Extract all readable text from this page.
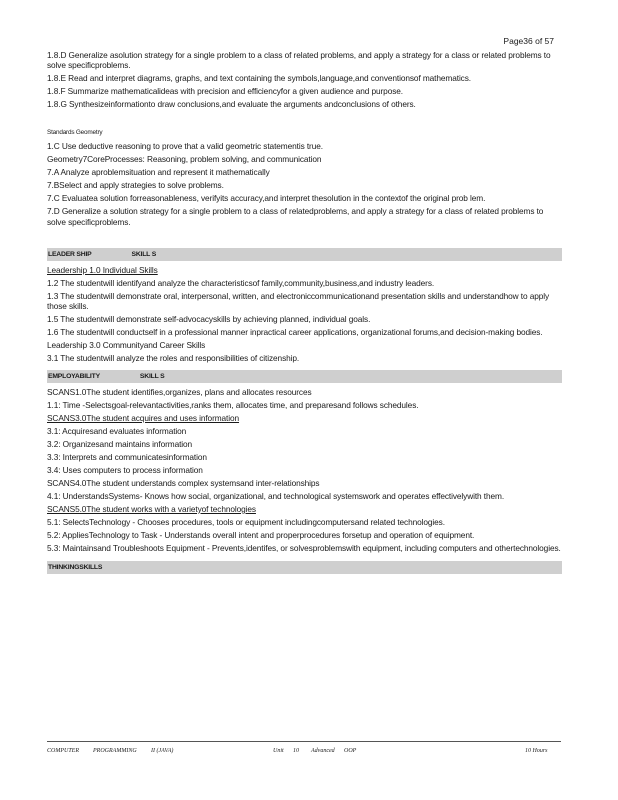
Page36 of 57

1.8.D Generalize asolution strategy for a single problem to a class of related problems, and apply a strategy for a class or related problems to solve specificproblems.

1.8.E Read and interpret diagrams, graphs, and text containing the symbols,language,and conventionsof mathematics.

1.8.F Summarize mathematicalideas with precision and efficiencyfor a given audience and purpose.

1.8.G Synthesizeinformationto draw conclusions,and evaluate the arguments andconclusions of others.

Standards Geometry

1.C Use deductive reasoning to prove that a valid geometric statementis true.

Geometry7CoreProcesses: Reasoning, problem solving, and communication

7.A Analyze aproblemsituation and represent it mathematically

7.BSelect and apply strategies to solve problems.

7.C Evaluatea solution forreasonableness, verifyits accuracy,and interpret thesolution in the contextof the original prob lem.

7.D Generalize a solution strategy for a single problem to a class of relatedproblems, and apply a strategy for a class of related problems to solve specificproblems.

LEADER SHIP	SKILL S

Leadership 1.0 Individual Skills

1.2 The studentwill identifyand analyze the characteristicsof family,community,business,and industry leaders.

1.3 The studentwill demonstrate oral, interpersonal, written, and electroniccommunicationand presentation skills and understandhow to apply those skills.

1.5 The studentwill demonstrate self-advocacyskills by achieving planned, individual goals.

1.6 The studentwill conductself in a professional manner inpractical career applications, organizational forums,and decision-making bodies.

Leadership 3.0 Communityand Career Skills

3.1 The studentwill analyze the roles and responsibilities of citizenship.

EMPLOYABILITY	SKILL S

SCANS1.0The student identifies,organizes, plans and allocates resources

1.1: Time -Selectsgoal-relevantactivities,ranks them, allocates time, and preparesand follows schedules.

SCANS3.0The student acquires and uses information

3.1: Acquiresand evaluates information

3.2: Organizesand maintains information

3.3: Interprets and communicatesinformation

3.4: Uses computers to process information

SCANS4.0The student understands complex systemsand inter-relationships

4.1: UnderstandsSystems- Knows how social, organizational, and technological systemswork and operates effectivelywith them.

SCANS5.0The student works with a varietyof technologies

5.1: SelectsTechnology - Chooses procedures, tools or equipment includingcomputersand related technologies.

5.2: AppliesTechnology to Task - Understands overall intent and properprocedures forsetup and operation of equipment.

5.3: Maintainsand Troubleshoots Equipment - Prevents,identifes, or solvesproblemswith equipment, including computers and othertechnologies.

THINKINGSKILLS
COMPUTER PROGRAMMING II (JAVA)	Unit 10 Advanced OOP	10 Hours
